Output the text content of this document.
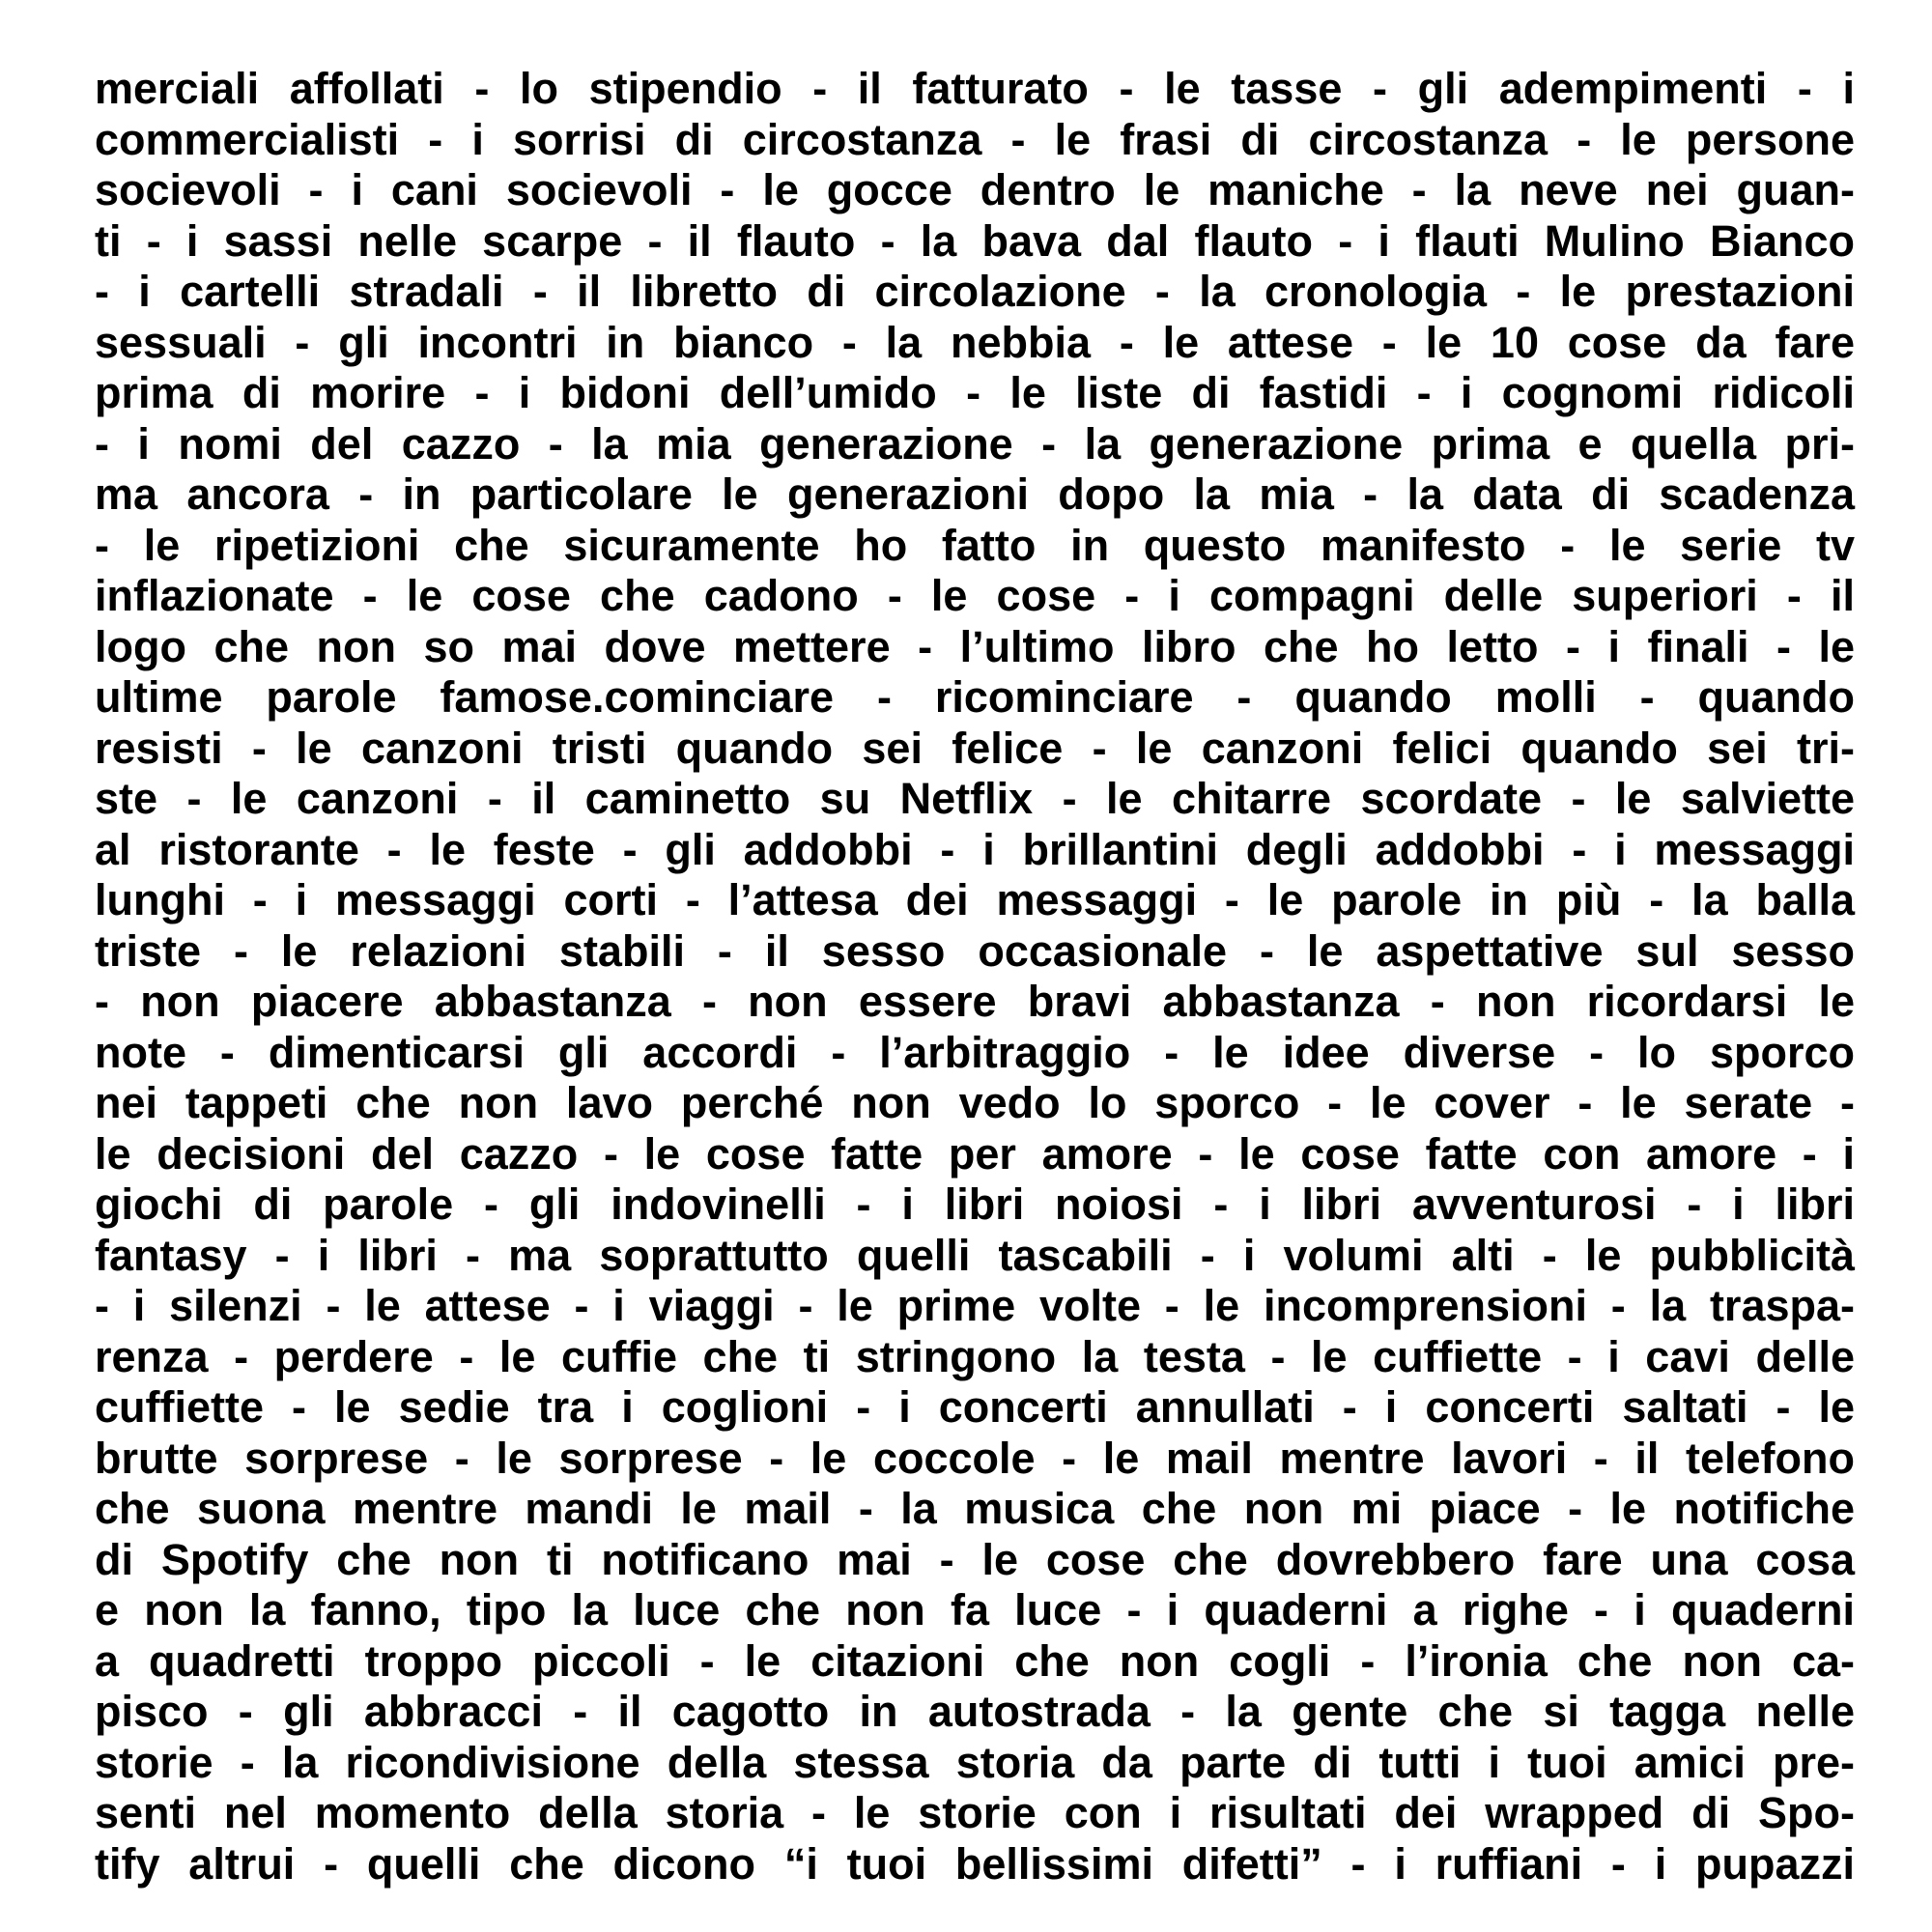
merciali affollati - lo stipendio - il fatturato - le tasse - gli adempimenti - i
commercialisti - i sorrisi di circostanza - le frasi di circostanza - le persone
socievoli - i cani socievoli - le gocce dentro le maniche - la neve nei guan-
ti - i sassi nelle scarpe - il flauto - la bava dal flauto - i flauti Mulino Bianco
- i cartelli stradali - il libretto di circolazione - la cronologia - le prestazioni
sessuali - gli incontri in bianco - la nebbia - le attese - le 10 cose da fare
prima di morire - i bidoni dell’umido - le liste di fastidi - i cognomi ridicoli
- i nomi del cazzo - la mia generazione - la generazione prima e quella pri-
ma ancora - in particolare le generazioni dopo la mia - la data di scadenza
- le ripetizioni che sicuramente ho fatto in questo manifesto - le serie tv
inflazionate - le cose che cadono - le cose - i compagni delle superiori - il
logo che non so mai dove mettere - l’ultimo libro che ho letto - i finali - le
ultime parole famose.cominciare - ricominciare - quando molli - quando
resisti - le canzoni tristi quando sei felice - le canzoni felici quando sei tri-
ste - le canzoni - il caminetto su Netflix - le chitarre scordate - le salviette
al ristorante - le feste - gli addobbi - i brillantini degli addobbi - i messaggi
lunghi - i messaggi corti - l’attesa dei messaggi - le parole in più - la balla
triste - le relazioni stabili - il sesso occasionale - le aspettative sul sesso
- non piacere abbastanza - non essere bravi abbastanza - non ricordarsi le
note - dimenticarsi gli accordi - l’arbitraggio - le idee diverse - lo sporco
nei tappeti che non lavo perché non vedo lo sporco - le cover - le serate -
le decisioni del cazzo - le cose fatte per amore - le cose fatte con amore - i
giochi di parole - gli indovinelli - i libri noiosi - i libri avventurosi - i libri
fantasy - i libri - ma soprattutto quelli tascabili - i volumi alti - le pubblicità
- i silenzi - le attese - i viaggi - le prime volte - le incomprensioni - la traspa-
renza - perdere - le cuffie che ti stringono la testa - le cuffiette - i cavi delle
cuffiette - le sedie tra i coglioni - i concerti annullati - i concerti saltati - le
brutte sorprese - le sorprese - le coccole - le mail mentre lavori - il telefono
che suona mentre mandi le mail - la musica che non mi piace - le notifiche
di Spotify che non ti notificano mai - le cose che dovrebbero fare una cosa
e non la fanno, tipo la luce che non fa luce - i quaderni a righe - i quaderni
a quadretti troppo piccoli - le citazioni che non cogli - l’ironia che non ca-
pisco - gli abbracci - il cagotto in autostrada - la gente che si tagga nelle
storie - la ricondivisione della stessa storia da parte di tutti i tuoi amici pre-
senti nel momento della storia - le storie con i risultati dei wrapped di Spo-
tify altrui - quelli che dicono “i tuoi bellissimi difetti” - i ruffiani - i pupazzi
